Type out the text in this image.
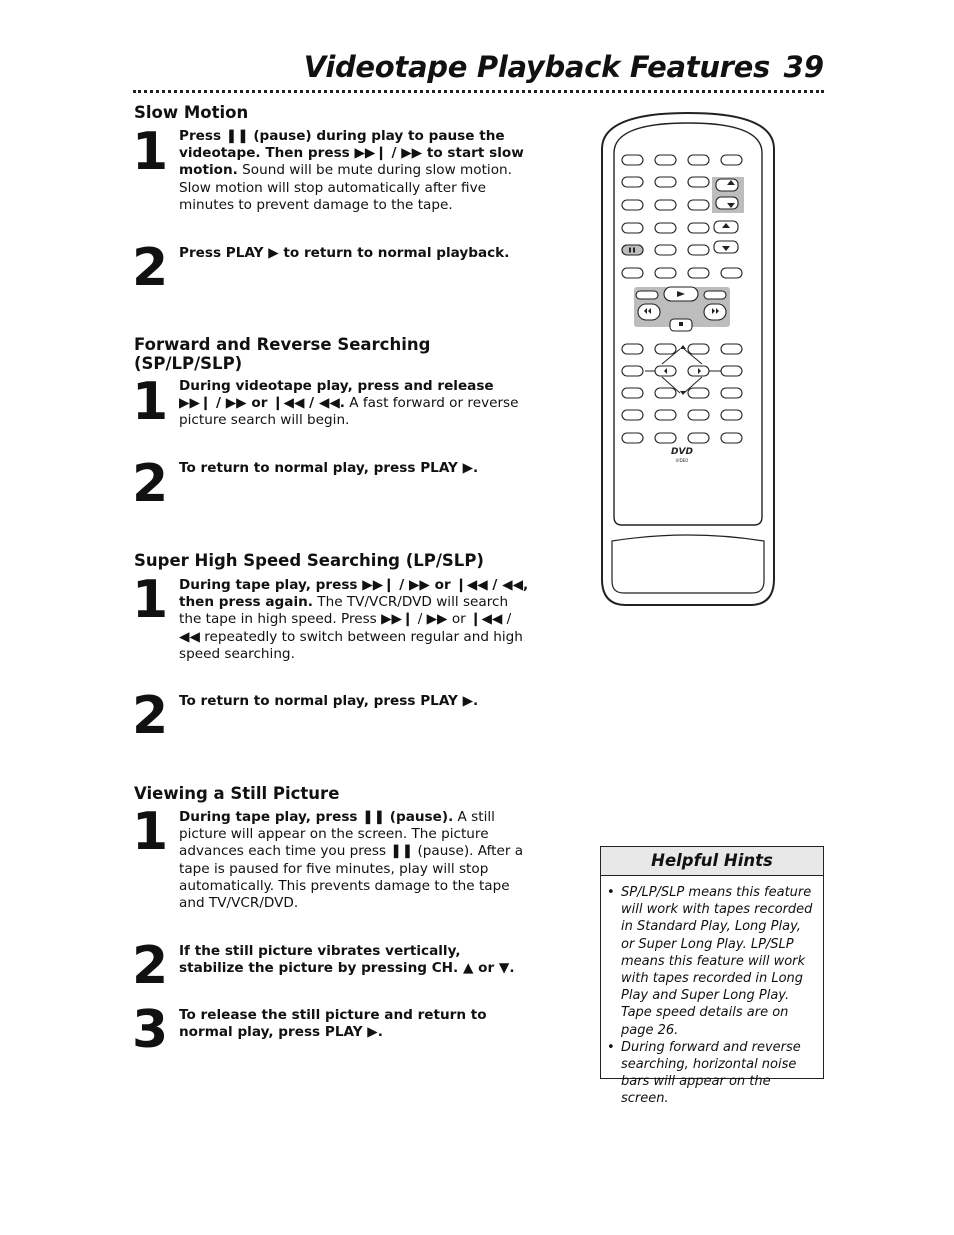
Videotape Playback Features 39
Slow Motion
1 Press ❚❚ (pause) during play to pause the videotape. Then press ▶▶❙ / ▶▶ to start slow motion. Sound will be mute during slow motion. Slow motion will stop automatically after five minutes to prevent damage to the tape.
2 Press PLAY ▶ to return to normal playback.
Forward and Reverse Searching (SP/LP/SLP)
1 During videotape play, press and release ▶▶❙ / ▶▶ or ❙◀◀ / ◀◀. A fast forward or reverse picture search will begin.
2 To return to normal play, press PLAY ▶.
Super High Speed Searching (LP/SLP)
1 During tape play, press ▶▶❙ / ▶▶ or ❙◀◀ / ◀◀, then press again. The TV/VCR/DVD will search the tape in high speed. Press ▶▶❙ / ▶▶ or ❙◀◀ / ◀◀ repeatedly to switch between regular and high speed searching.
2 To return to normal play, press PLAY ▶.
Viewing a Still Picture
1 During tape play, press ❚❚ (pause). A still picture will appear on the screen. The picture advances each time you press ❚❚ (pause). After a tape is paused for five minutes, play will stop automatically. This prevents damage to the tape and TV/VCR/DVD.
2 If the still picture vibrates vertically, stabilize the picture by pressing CH. ▲ or ▼.
3 To release the still picture and return to normal play, press PLAY ▶.
DVD
VIDEO
Helpful Hints
• SP/LP/SLP means this feature will work with tapes recorded in Standard Play, Long Play, or Super Long Play. LP/SLP means this feature will work with tapes recorded in Long Play and Super Long Play. Tape speed details are on page 26.
• During forward and reverse searching, horizontal noise bars will appear on the screen.
